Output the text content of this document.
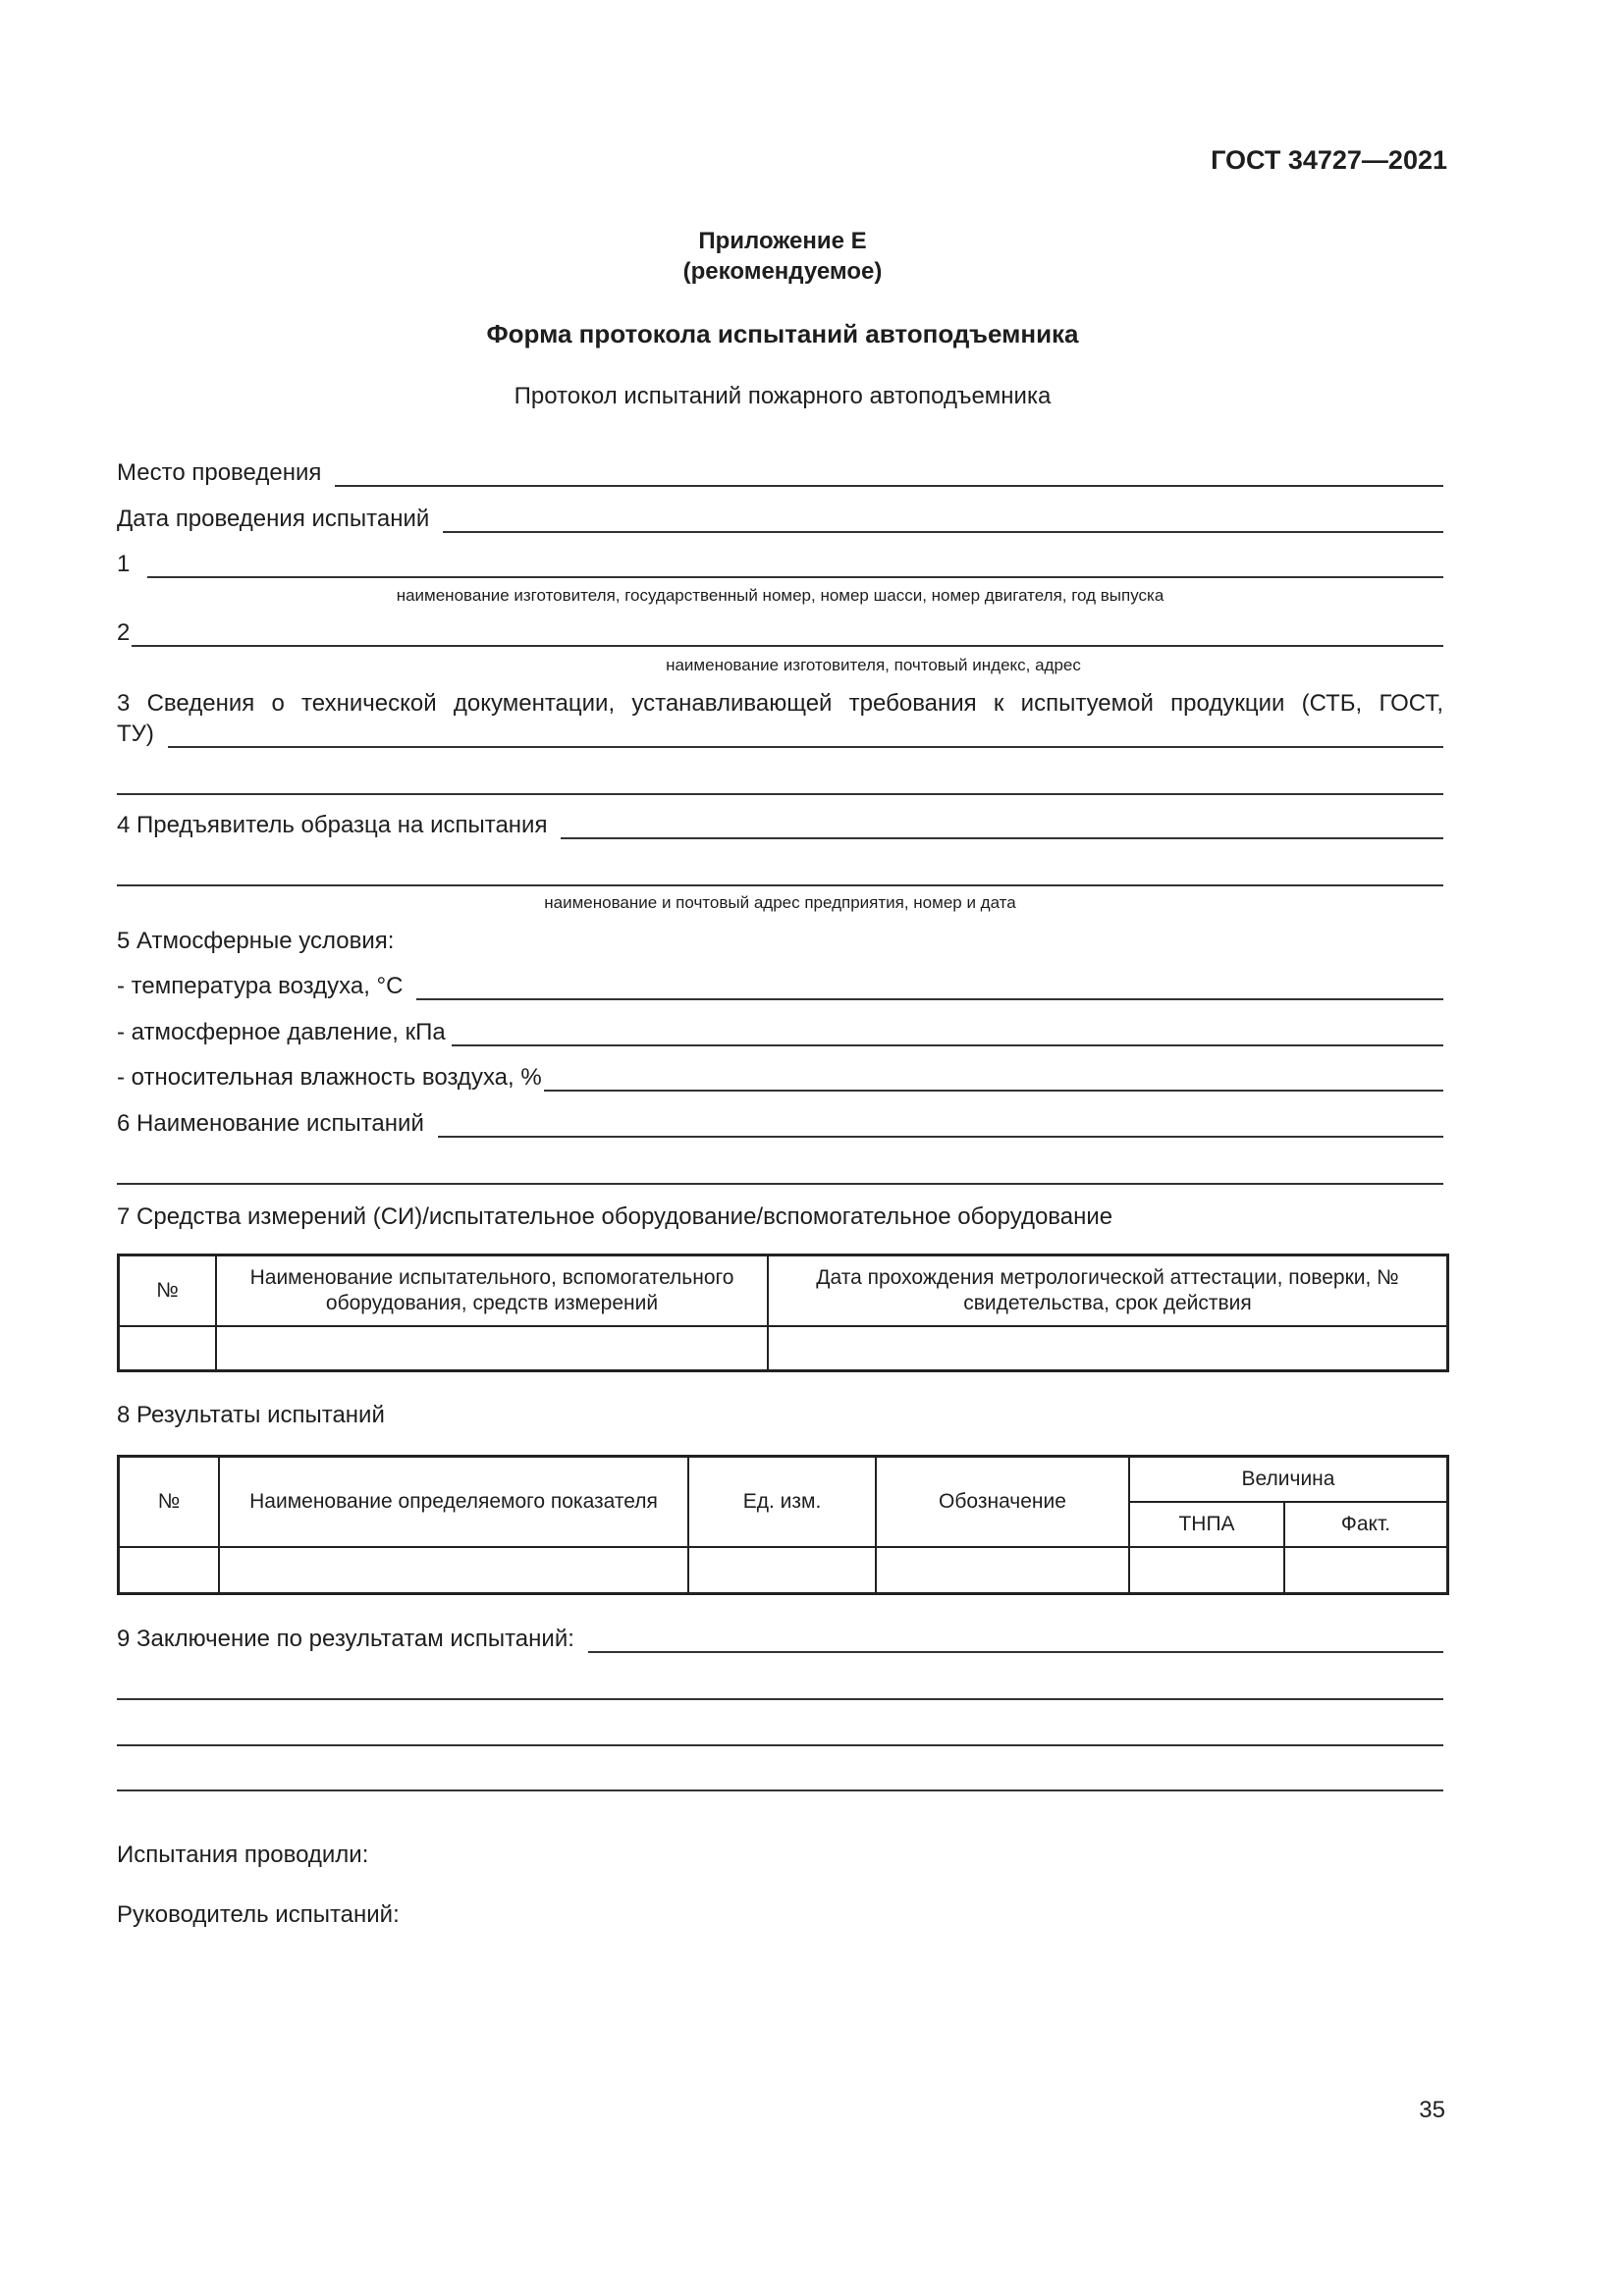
ГОСТ 34727—2021
Приложение Е
(рекомендуемое)
Форма протокола испытаний автоподъемника
Протокол испытаний пожарного автоподъемника
Место проведения
Дата проведения испытаний
1
наименование изготовителя, государственный номер, номер шасси, номер двигателя, год выпуска
2
наименование изготовителя, почтовый индекс, адрес
3 Сведения о технической документации, устанавливающей требования к испытуемой продукции (СТБ, ГОСТ,
ТУ)
4 Предъявитель образца на испытания
наименование и почтовый адрес предприятия, номер и дата
5 Атмосферные условия:
- температура воздуха, °С
- атмосферное давление, кПа
- относительная влажность воздуха, %
6 Наименование испытаний
7 Средства измерений (СИ)/испытательное оборудование/вспомогательное оборудование
№	Наименование испытательного, вспомогательного оборудования, средств измерений	Дата прохождения метрологической аттестации, поверки, № свидетельства, срок действия

8 Результаты испытаний
№	Наименование определяемого показателя	Ед. изм.	Обозначение	Величина	
				ТНПА	Факт.

9 Заключение по результатам испытаний:
Испытания проводили:
Руководитель испытаний:
35
